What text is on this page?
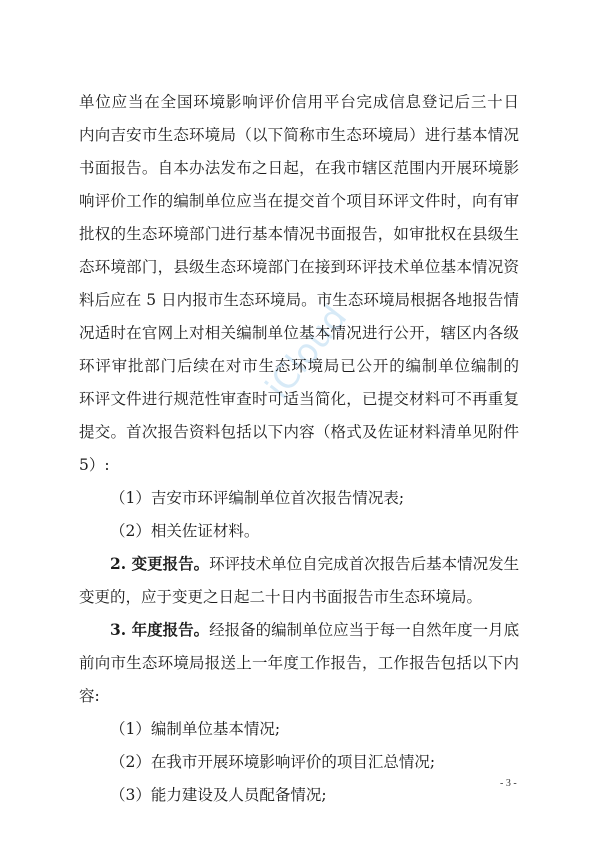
iCloud
单位应当在全国环境影响评价信用平台完成信息登记后三十日
内向吉安市生态环境局（以下简称市生态环境局）进行基本情况
书面报告。自本办法发布之日起，在我市辖区范围内开展环境影
响评价工作的编制单位应当在提交首个项目环评文件时，向有审
批权的生态环境部门进行基本情况书面报告，如审批权在县级生
态环境部门，县级生态环境部门在接到环评技术单位基本情况资
料后应在 5 日内报市生态环境局。市生态环境局根据各地报告情
况适时在官网上对相关编制单位基本情况进行公开，辖区内各级
环评审批部门后续在对市生态环境局已公开的编制单位编制的
环评文件进行规范性审查时可适当简化，已提交材料可不再重复
提交。首次报告资料包括以下内容（格式及佐证材料清单见附件
5）:
（1）吉安市环评编制单位首次报告情况表;
（2）相关佐证材料。
2. 变更报告。环评技术单位自完成首次报告后基本情况发生
变更的，应于变更之日起二十日内书面报告市生态环境局。
3. 年度报告。经报备的编制单位应当于每一自然年度一月底
前向市生态环境局报送上一年度工作报告，工作报告包括以下内
容:
（1）编制单位基本情况;
（2）在我市开展环境影响评价的项目汇总情况;
（3）能力建设及人员配备情况;
- 3 -
